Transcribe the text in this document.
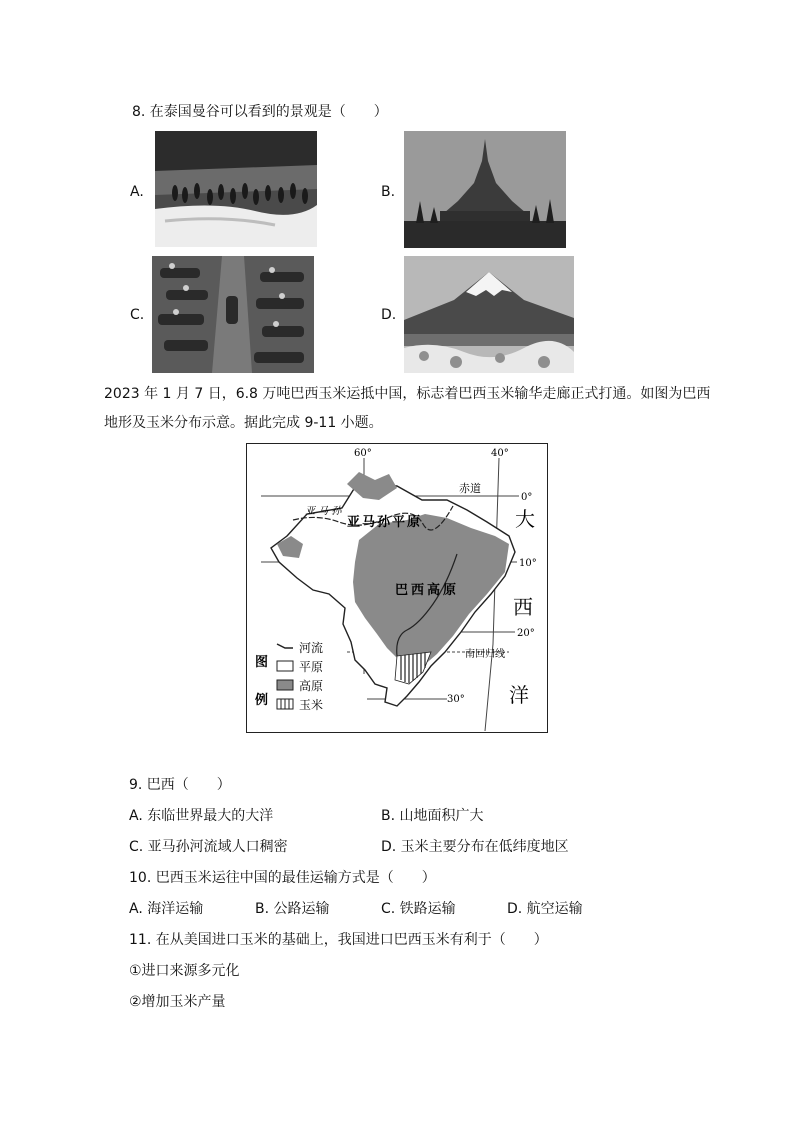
8. 在泰国曼谷可以看到的景观是（　　）
A.	B.
C.	D.
2023 年 1 月 7 日，6.8 万吨巴西玉米运抵中国，标志着巴西玉米输华走廊正式打通。如图为巴西
地形及玉米分布示意。据此完成 9-11 小题。
60°	40°
0°
10°
20°
30°
赤道
南回归线
亚 马 孙
亚马孙平原
巴西高原
大
西
洋
图
例
河流
平原
高原
玉米
9. 巴西（　　）
A. 东临世界最大的大洋	B. 山地面积广大
C. 亚马孙河流域人口稠密	D. 玉米主要分布在低纬度地区
10. 巴西玉米运往中国的最佳运输方式是（　　）
A. 海洋运输	B. 公路运输	C. 铁路运输	D. 航空运输
11. 在从美国进口玉米的基础上，我国进口巴西玉米有利于（　　）
①进口来源多元化
②增加玉米产量
